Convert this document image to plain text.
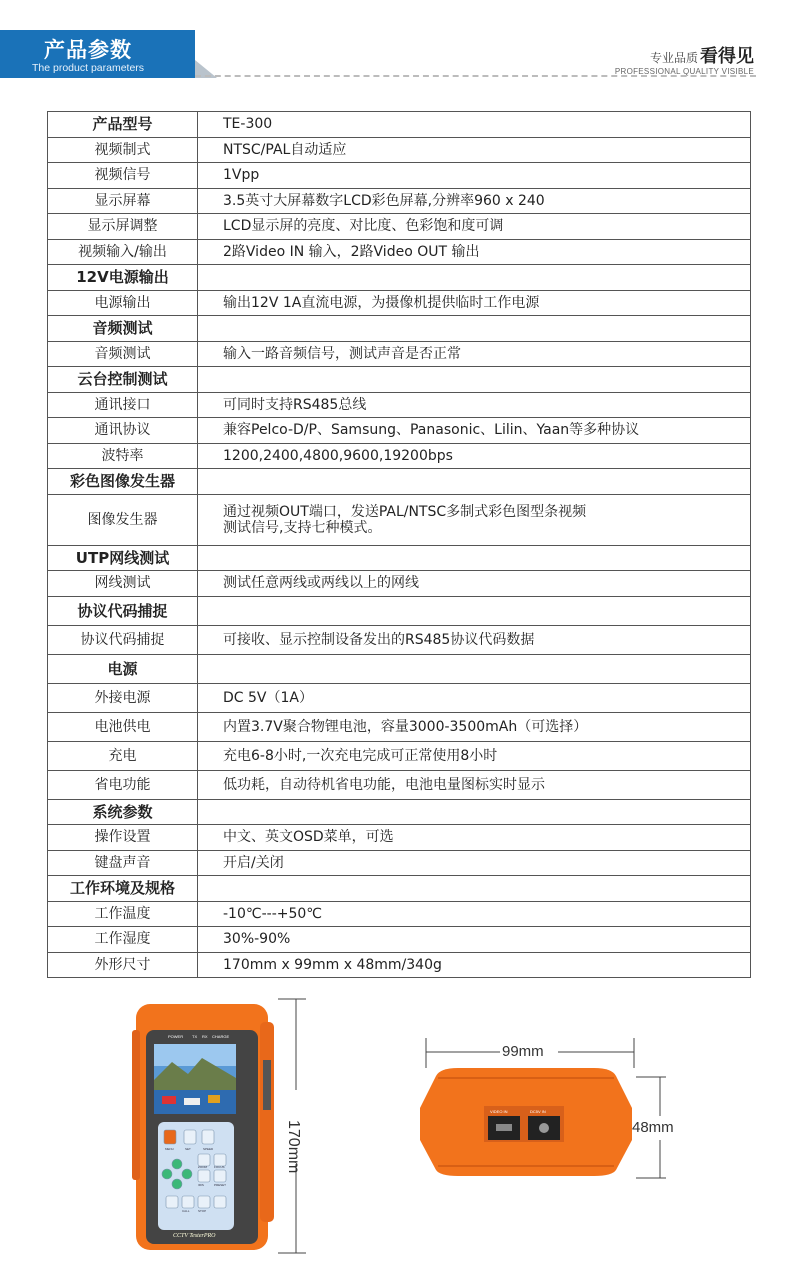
产品参数
The product parameters
专业品质 看得见
PROFESSIONAL QUALITY VISIBLE
产品型号	TE-300
视频制式	NTSC/PAL自动适应
视频信号	1Vpp
显示屏幕	3.5英寸大屏幕数字LCD彩色屏幕,分辨率960 x 240
显示屏调整	LCD显示屏的亮度、对比度、色彩饱和度可调
视频输入/输出	2路Video IN 输入，2路Video OUT 输出
12V电源输出	
电源输出	输出12V 1A直流电源，为摄像机提供临时工作电源
音频测试	
音频测试	输入一路音频信号，测试声音是否正常
云台控制测试	
通讯接口	可同时支持RS485总线
通讯协议	兼容Pelco-D/P、Samsung、Panasonic、Lilin、Yaan等多种协议
波特率	1200,2400,4800,9600,19200bps
彩色图像发生器	
图像发生器	通过视频OUT端口，发送PAL/NTSC多制式彩色图型条视频
测试信号,支持七种模式。
UTP网线测试	
网线测试	测试任意两线或两线以上的网线
协议代码捕捉	
协议代码捕捉	可接收、显示控制设备发出的RS485协议代码数据
电源	
外接电源	DC 5V（1A）
电池供电	内置3.7V聚合物锂电池，容量3000-3500mAh（可选择）
充电	充电6-8小时,一次充电完成可正常使用8小时
省电功能	低功耗，自动待机省电功能，电池电量图标实时显示
系统参数	
操作设置	中文、英文OSD菜单，可选
键盘声音	开启/关闭
工作环境及规格	
工作温度	-10℃---+50℃
工作湿度	30%-90%
外形尺寸	170mm x 99mm x 48mm/340g
POWER TX RX CHARGE
MENU	SET	SPEED
ZOOM FOCUS
IRIS	PRESET
CALL	STOP
CCTV TesterPRO
170mm
99mm
VIDEO IN	DC5V IN
48mm
